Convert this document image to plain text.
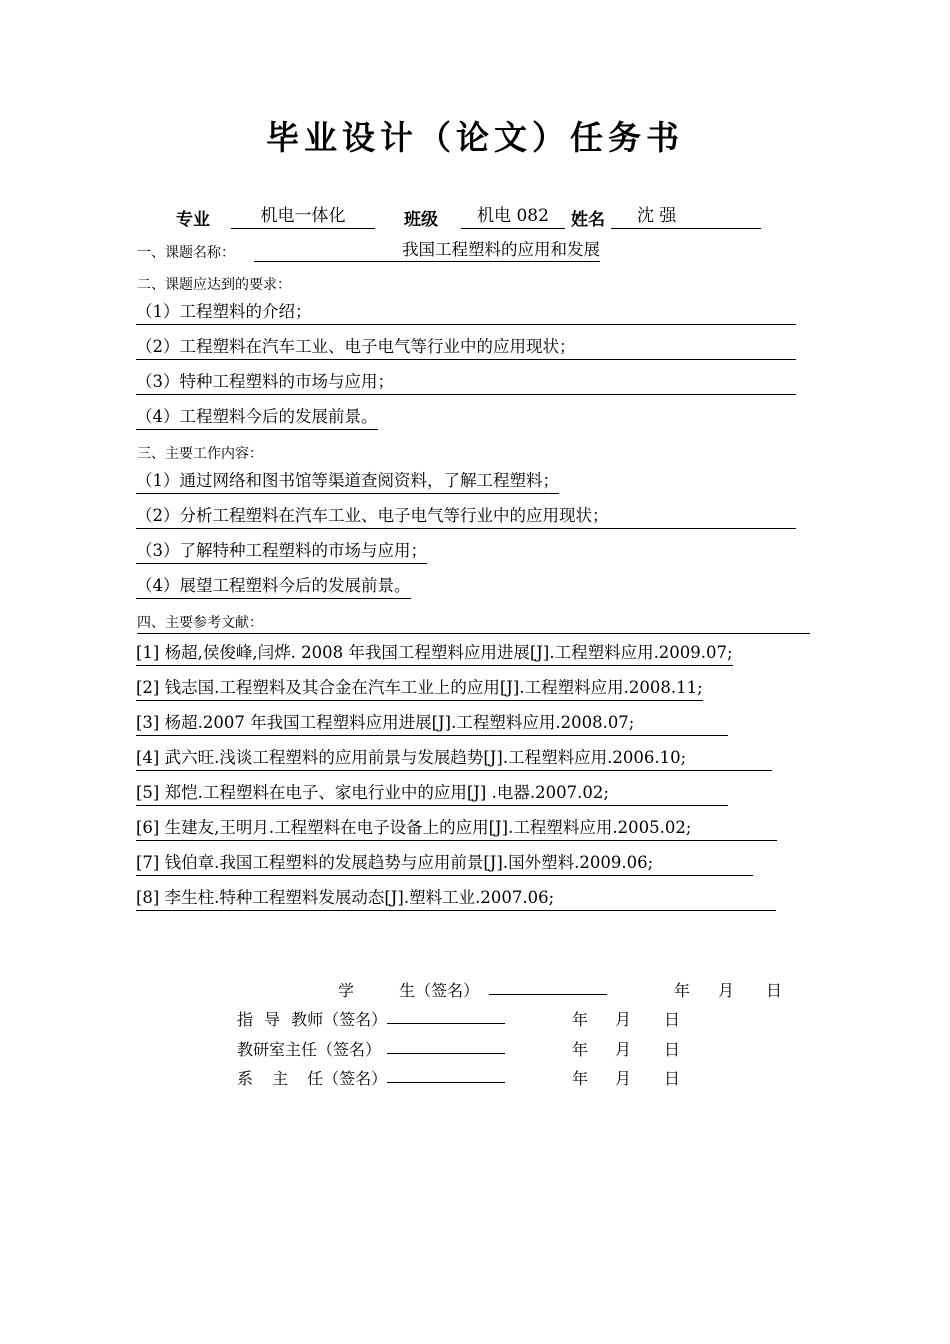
毕业设计（论文）任务书
专业	机电一体化	班级	机电 082	姓名	沈 强
一、课题名称：	我国工程塑料的应用和发展
二、课题应达到的要求：
（1）工程塑料的介绍；
（2）工程塑料在汽车工业、电子电气等行业中的应用现状；
（3）特种工程塑料的市场与应用；
（4）工程塑料今后的发展前景。
三、主要工作内容：
（1）通过网络和图书馆等渠道查阅资料，了解工程塑料；
（2）分析工程塑料在汽车工业、电子电气等行业中的应用现状；
（3）了解特种工程塑料的市场与应用；
（4）展望工程塑料今后的发展前景。
四、主要参考文献：
[1] 杨超,侯俊峰,闫烨. 2008 年我国工程塑料应用进展[J].工程塑料应用.2009.07;
[2] 钱志国.工程塑料及其合金在汽车工业上的应用[J].工程塑料应用.2008.11;
[3] 杨超.2007 年我国工程塑料应用进展[J].工程塑料应用.2008.07;
[4] 武六旺.浅谈工程塑料的应用前景与发展趋势[J].工程塑料应用.2006.10;
[5] 郑恺.工程塑料在电子、家电行业中的应用[J] .电器.2007.02;
[6] 生建友,王明月.工程塑料在电子设备上的应用[J].工程塑料应用.2005.02;
[7] 钱伯章.我国工程塑料的发展趋势与应用前景[J].国外塑料.2009.06;
[8] 李生柱.特种工程塑料发展动态[J].塑料工业.2007.06;
学 生（签名）	年 月 日
指 导 教师（签名）	年 月 日
教研室主任（签名）	年 月 日
系 主 任（签名）	年 月 日
